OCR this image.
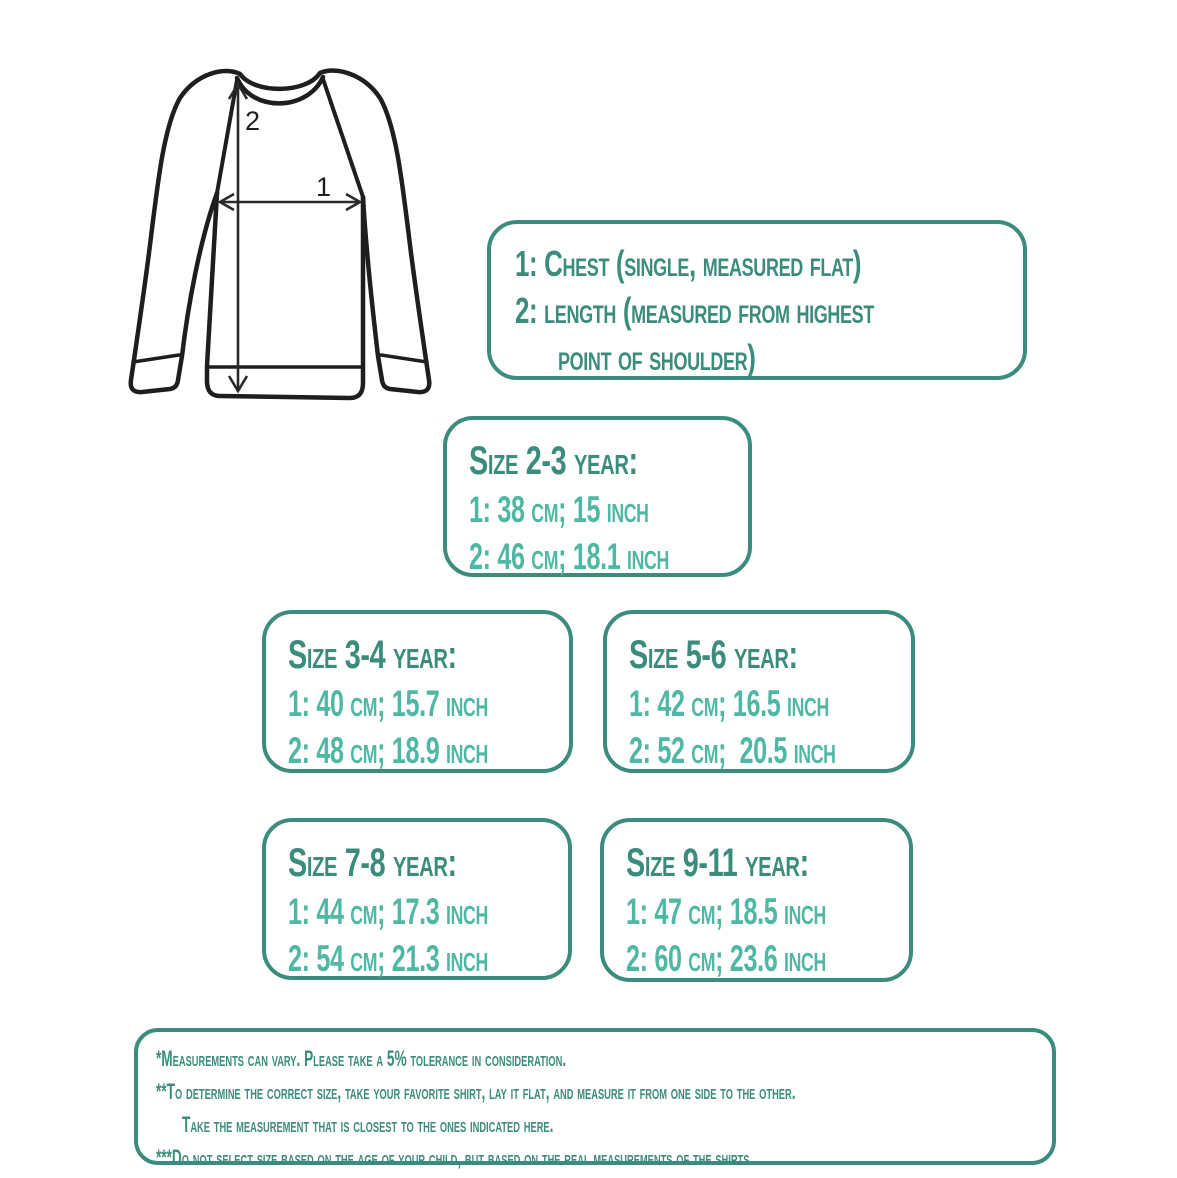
2
1
1: Chest (single, measured flat)
2: length (measured from highest
point of shoulder)
Size 2-3 year:
1: 38 cm; 15 inch
2: 46 cm; 18.1 inch
Size 3-4 year:
1: 40 cm; 15.7 inch
2: 48 cm; 18.9 inch
Size 5-6 year:
1: 42 cm; 16.5 inch
2: 52 cm;  20.5 inch
Size 7-8 year:
1: 44 cm; 17.3 inch
2: 54 cm; 21.3 inch
Size 9-11 year:
1: 47 cm; 18.5 inch
2: 60 cm; 23.6 inch
*Measurements can vary. Please take a 5% tolerance in consideration.
**To determine the correct size, take your favorite shirt, lay it flat, and measure it from one side to the other.
Take the measurement that is closest to the ones indicated here.
***Do not select size based on the age of your child, but based on the real measurements of the shirts.
